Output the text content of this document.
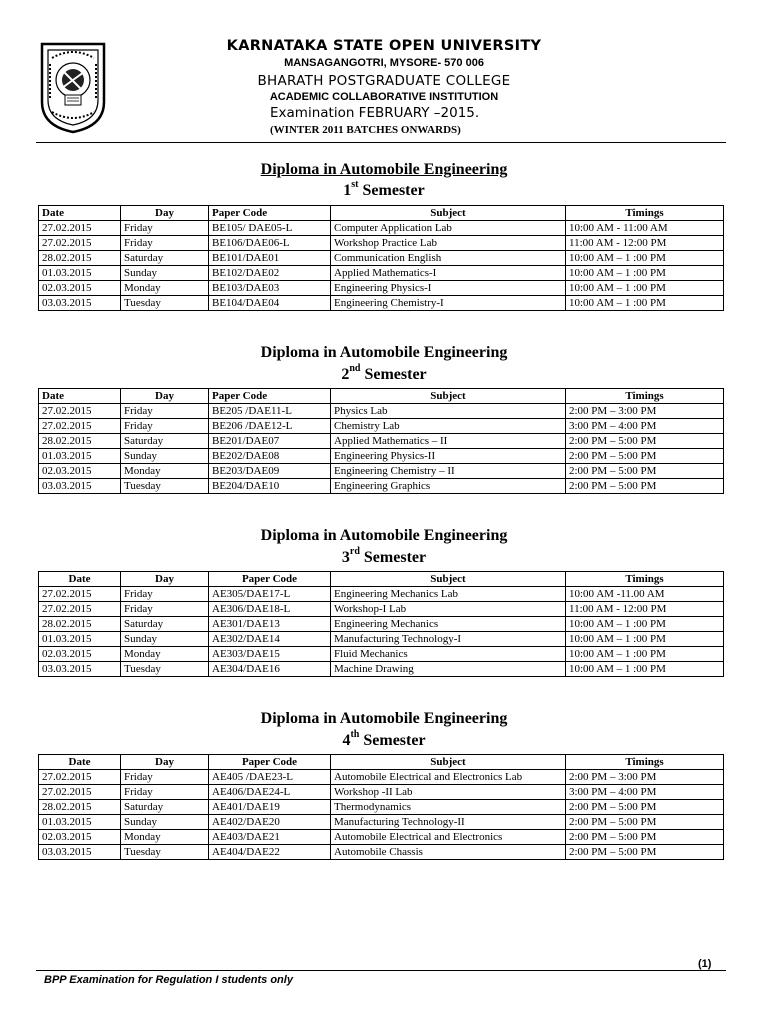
KARNATAKA STATE OPEN UNIVERSITY
MANSAGANGOTRI, MYSORE- 570 006
BHARATH POSTGRADUATE COLLEGE
ACADEMIC COLLABORATIVE INSTITUTION
Examination FEBRUARY –2015.
(WINTER 2011 BATCHES ONWARDS)
Diploma in Automobile Engineering
1st Semester
Date	Day	Paper Code	Subject	Timings
27.02.2015	Friday	BE105/ DAE05-L	Computer Application Lab	10:00 AM - 11:00 AM
27.02.2015	Friday	BE106/DAE06-L	Workshop Practice Lab	11:00 AM - 12:00 PM
28.02.2015	Saturday	BE101/DAE01	Communication English	10:00 AM – 1 :00 PM
01.03.2015	Sunday	BE102/DAE02	Applied Mathematics-I	10:00 AM – 1 :00 PM
02.03.2015	Monday	BE103/DAE03	Engineering Physics-I	10:00 AM – 1 :00 PM
03.03.2015	Tuesday	BE104/DAE04	Engineering Chemistry-I	10:00 AM – 1 :00 PM
Diploma in Automobile Engineering
2nd Semester
Date	Day	Paper Code	Subject	Timings
27.02.2015	Friday	BE205 /DAE11-L	Physics Lab	2:00 PM – 3:00 PM
27.02.2015	Friday	BE206 /DAE12-L	Chemistry Lab	3:00 PM – 4:00 PM
28.02.2015	Saturday	BE201/DAE07	Applied Mathematics – II	2:00 PM – 5:00 PM
01.03.2015	Sunday	BE202/DAE08	Engineering Physics-II	2:00 PM – 5:00 PM
02.03.2015	Monday	BE203/DAE09	Engineering Chemistry – II	2:00 PM – 5:00 PM
03.03.2015	Tuesday	BE204/DAE10	Engineering Graphics	2:00 PM – 5:00 PM
Diploma in Automobile Engineering
3rd Semester
Date	Day	Paper Code	Subject	Timings
27.02.2015	Friday	AE305/DAE17-L	Engineering Mechanics Lab	10:00 AM -11.00 AM
27.02.2015	Friday	AE306/DAE18-L	Workshop-I Lab	11:00 AM - 12:00 PM
28.02.2015	Saturday	AE301/DAE13	Engineering Mechanics	10:00 AM – 1 :00 PM
01.03.2015	Sunday	AE302/DAE14	Manufacturing Technology-I	10:00 AM – 1 :00 PM
02.03.2015	Monday	AE303/DAE15	Fluid Mechanics	10:00 AM – 1 :00 PM
03.03.2015	Tuesday	AE304/DAE16	Machine Drawing	10:00 AM – 1 :00 PM
Diploma in Automobile Engineering
4th Semester
Date	Day	Paper Code	Subject	Timings
27.02.2015	Friday	AE405 /DAE23-L	Automobile Electrical and Electronics Lab	2:00 PM – 3:00 PM
27.02.2015	Friday	AE406/DAE24-L	Workshop -II Lab	3:00 PM – 4:00 PM
28.02.2015	Saturday	AE401/DAE19	Thermodynamics	2:00 PM – 5:00 PM
01.03.2015	Sunday	AE402/DAE20	Manufacturing Technology-II	2:00 PM – 5:00 PM
02.03.2015	Monday	AE403/DAE21	Automobile Electrical and Electronics	2:00 PM – 5:00 PM
03.03.2015	Tuesday	AE404/DAE22	Automobile Chassis	2:00 PM – 5:00 PM
(1)
BPP Examination for Regulation I students only
